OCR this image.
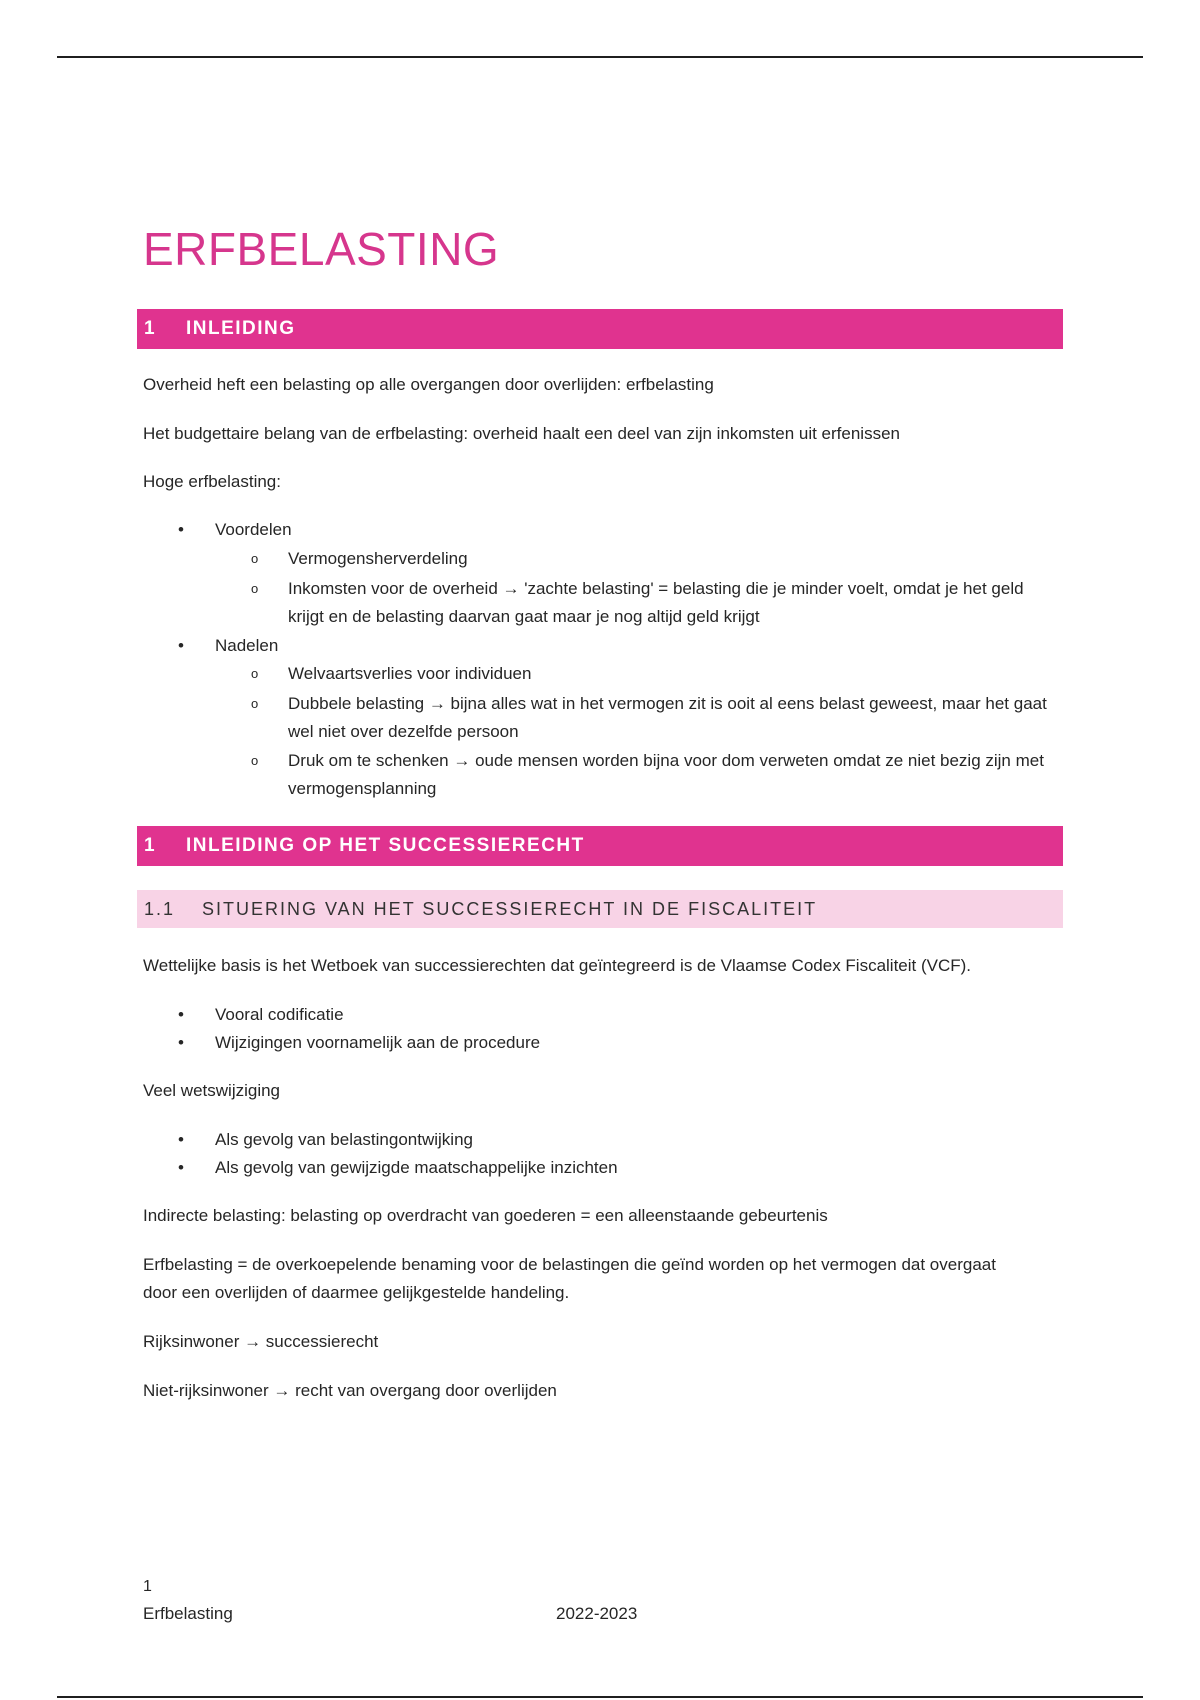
ERFBELASTING
1	INLEIDING

Overheid heft een belasting op alle overgangen door overlijden: erfbelasting

Het budgettaire belang van de erfbelasting: overheid haalt een deel van zijn inkomsten uit erfenissen

Hoge erfbelasting:

• Voordelen
o Vermogensherverdeling
o Inkomsten voor de overheid → 'zachte belasting' = belasting die je minder voelt, omdat je het geld krijgt en de belasting daarvan gaat maar je nog altijd geld krijgt
• Nadelen
o Welvaartsverlies voor individuen
o Dubbele belasting → bijna alles wat in het vermogen zit is ooit al eens belast geweest, maar het gaat wel niet over dezelfde persoon
o Druk om te schenken → oude mensen worden bijna voor dom verweten omdat ze niet bezig zijn met vermogensplanning
1	INLEIDING OP HET SUCCESSIERECHT
1.1	SITUERING VAN HET SUCCESSIERECHT IN DE FISCALITEIT

Wettelijke basis is het Wetboek van successierechten dat geïntegreerd is de Vlaamse Codex Fiscaliteit (VCF).

• Vooral codificatie
• Wijzigingen voornamelijk aan de procedure

Veel wetswijziging

• Als gevolg van belastingontwijking
• Als gevolg van gewijzigde maatschappelijke inzichten

Indirecte belasting: belasting op overdracht van goederen = een alleenstaande gebeurtenis

Erfbelasting = de overkoepelende benaming voor de belastingen die geïnd worden op het vermogen dat overgaat door een overlijden of daarmee gelijkgestelde handeling.

Rijksinwoner → successierecht

Niet-rijksinwoner → recht van overgang door overlijden

1
Erfbelasting	2022-2023
